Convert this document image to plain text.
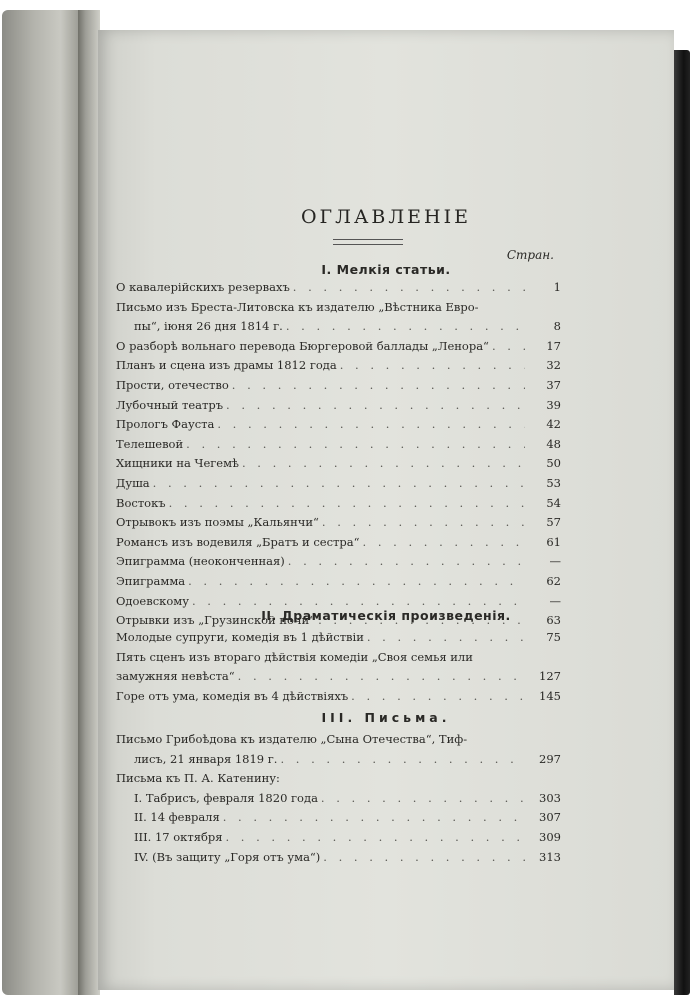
ОГЛАВЛЕНІЕ
Стран.
I. Мелкія статьи.
О кавалерійскихъ резервахъ . . .	1
Письмо изъ Бреста-Литовска къ издателю „Вѣстника Евро-
пы“, іюня 26 дня 1814 г. . . .	8
О разборѣ вольнаго перевода Бюргеровой баллады „Ленора“ . . .	17
Планъ и сцена изъ драмы 1812 года . . .	32
Прости, отечество . . .	37
Лубочный театръ . . .	39
Прологъ Фауста . . .	42
Телешевой . . .	48
Хищники на Чегемѣ . . .	50
Душа . . .	53
Востокъ . . .	54
Отрывокъ изъ поэмы „Кальянчи“ . . .	57
Романсъ изъ водевиля „Братъ и сестра“ . . .	61
Эпиграмма (неоконченная) . . .	—
Эпиграмма . . .	62
Одоевскому . . .	—
Отрывки изъ „Грузинской ночи“ . . .	63
II. Драматическія произведенія.
Молодые супруги, комедія въ 1 дѣйствіи . . .	75
Пять сценъ изъ втораго дѣйствія комедіи „Своя семья или
замужняя невѣста“ . . .	127
Горе отъ ума, комедія въ 4 дѣйствіяхъ . . .	145
III. Письма.
Письмо Грибоѣдова къ издателю „Сына Отечества“, Тиф-
лисъ, 21 января 1819 г. . . .	297
Письма къ П. А. Катенину:
I. Табрисъ, февраля 1820 года . . .	303
II. 14 февраля . . .	307
III. 17 октября . . .	309
IV. (Въ защиту „Горя отъ ума“) . . .	313
